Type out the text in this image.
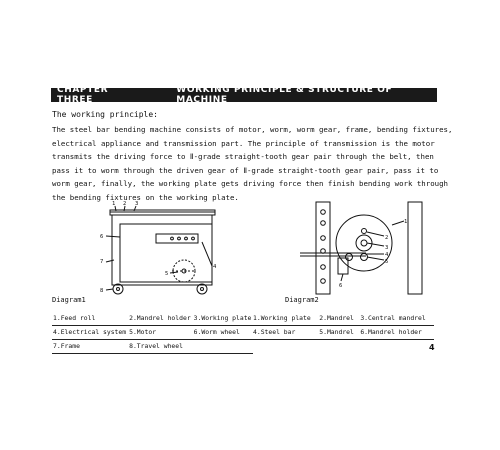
CHAPTER THREE
WORKING PRINCIPLE & STRUCTURE OF MACHINE
The working principle:
The steel bar bending machine consists of motor, worm, worm gear, frame, bending fixtures,
electrical appliance and transmission part. The principle of transmission is the motor
transmits the driving force to Ⅱ-grade straight-tooth gear pair through the belt, then
pass it to worm through the driven gear of Ⅱ-grade straight-tooth gear pair, pass it to
worm gear, finally, the working plate gets driving force then finish bending work through
the bending fixtures on the working plate.
1 2 3
4
5
6
7
8
Diagram1
1
2
3
4
5
6
Diagram2
1.Feed roll	2.Mandrel holder	3.Working plate
4.Electrical system	5.Motor	6.Worm wheel
7.Frame	8.Travel wheel	
1.Working plate	2.Mandrel	3.Central mandrel
4.Steel bar	5.Mandrel	6.Mandrel holder
4
